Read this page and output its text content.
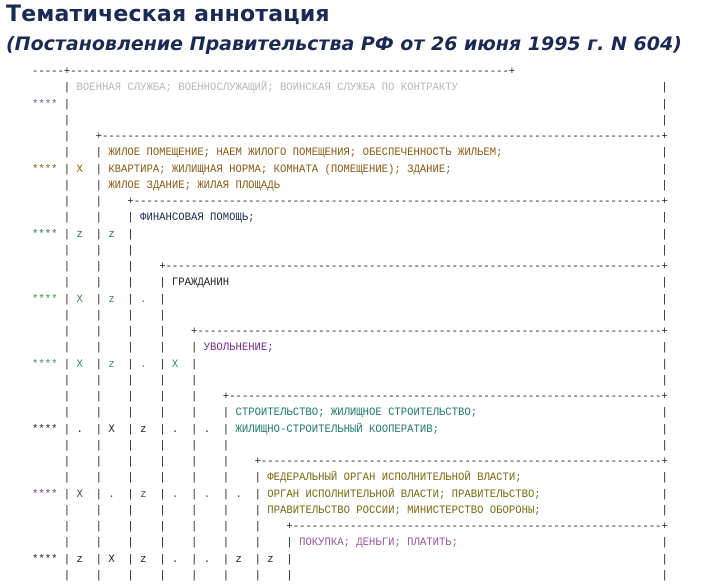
Тематическая аннотация
(Постановление Правительства РФ от 26 июня 1995 г. N 604)
-----+---------------------------------------------------------------------+
| ВОЕННАЯ СЛУЖБА; ВОЕННОСЛУЖАЩИЙ; ВОИНСКАЯ СЛУЖБА ПО КОНТРАКТУ	|
**** |	|
|	|
| +----------------------------------------------------------------------------------------+
| | ЖИЛОЕ ПОМЕЩЕНИЕ; НАЕМ ЖИЛОГО ПОМЕЩЕНИЯ; ОБЕСПЕЧЕННОСТЬ ЖИЛЬЕМ;	|
**** | X | КВАРТИРА; ЖИЛИЩНАЯ НОРМА; КОМНАТА (ПОМЕЩЕНИЕ); ЗДАНИЕ;	|
| | ЖИЛОЕ ЗДАНИЕ; ЖИЛАЯ ПЛОЩАДЬ	|
| | +-----------------------------------------------------------------------------------+
| | | ФИНАНСОВАЯ ПОМОЩЬ;	|
**** | z | z |	|
| | |	|
| | | +------------------------------------------------------------------------------+
| | | | ГРАЖДАНИН	|
**** | X | z | . |	|
| | | |	|
| | | | +-------------------------------------------------------------------------+
| | | | | УВОЛЬНЕНИЕ;	|
**** | X | z | . | X |	|
| | | | |	|
| | | | | +--------------------------------------------------------------------+
| | | | | | СТРОИТЕЛЬСТВО; ЖИЛИЩНОЕ СТРОИТЕЛЬСТВО;	|
**** | . | X | z | . | . | ЖИЛИЩНО-СТРОИТЕЛЬНЫЙ КООПЕРАТИВ;	|
| | | | | |	|
| | | | | | +---------------------------------------------------------------+
| | | | | | | ФЕДЕРАЛЬНЫЙ ОРГАН ИСПОЛНИТЕЛЬНОЙ ВЛАСТИ;	|
**** | X | . | z | . | . | . | ОРГАН ИСПОЛНИТЕЛЬНОЙ ВЛАСТИ; ПРАВИТЕЛЬСТВО;	|
| | | | | | | ПРАВИТЕЛЬСТВО РОССИИ; МИНИСТЕРСТВО ОБОРОНЫ;	|
| | | | | | | +----------------------------------------------------------+
| | | | | | | | ПОКУПКА; ДЕНЬГИ; ПЛАТИТЬ;	|
**** | z | X | z | . | . | z | z |	|
| | | | | | | |	|
